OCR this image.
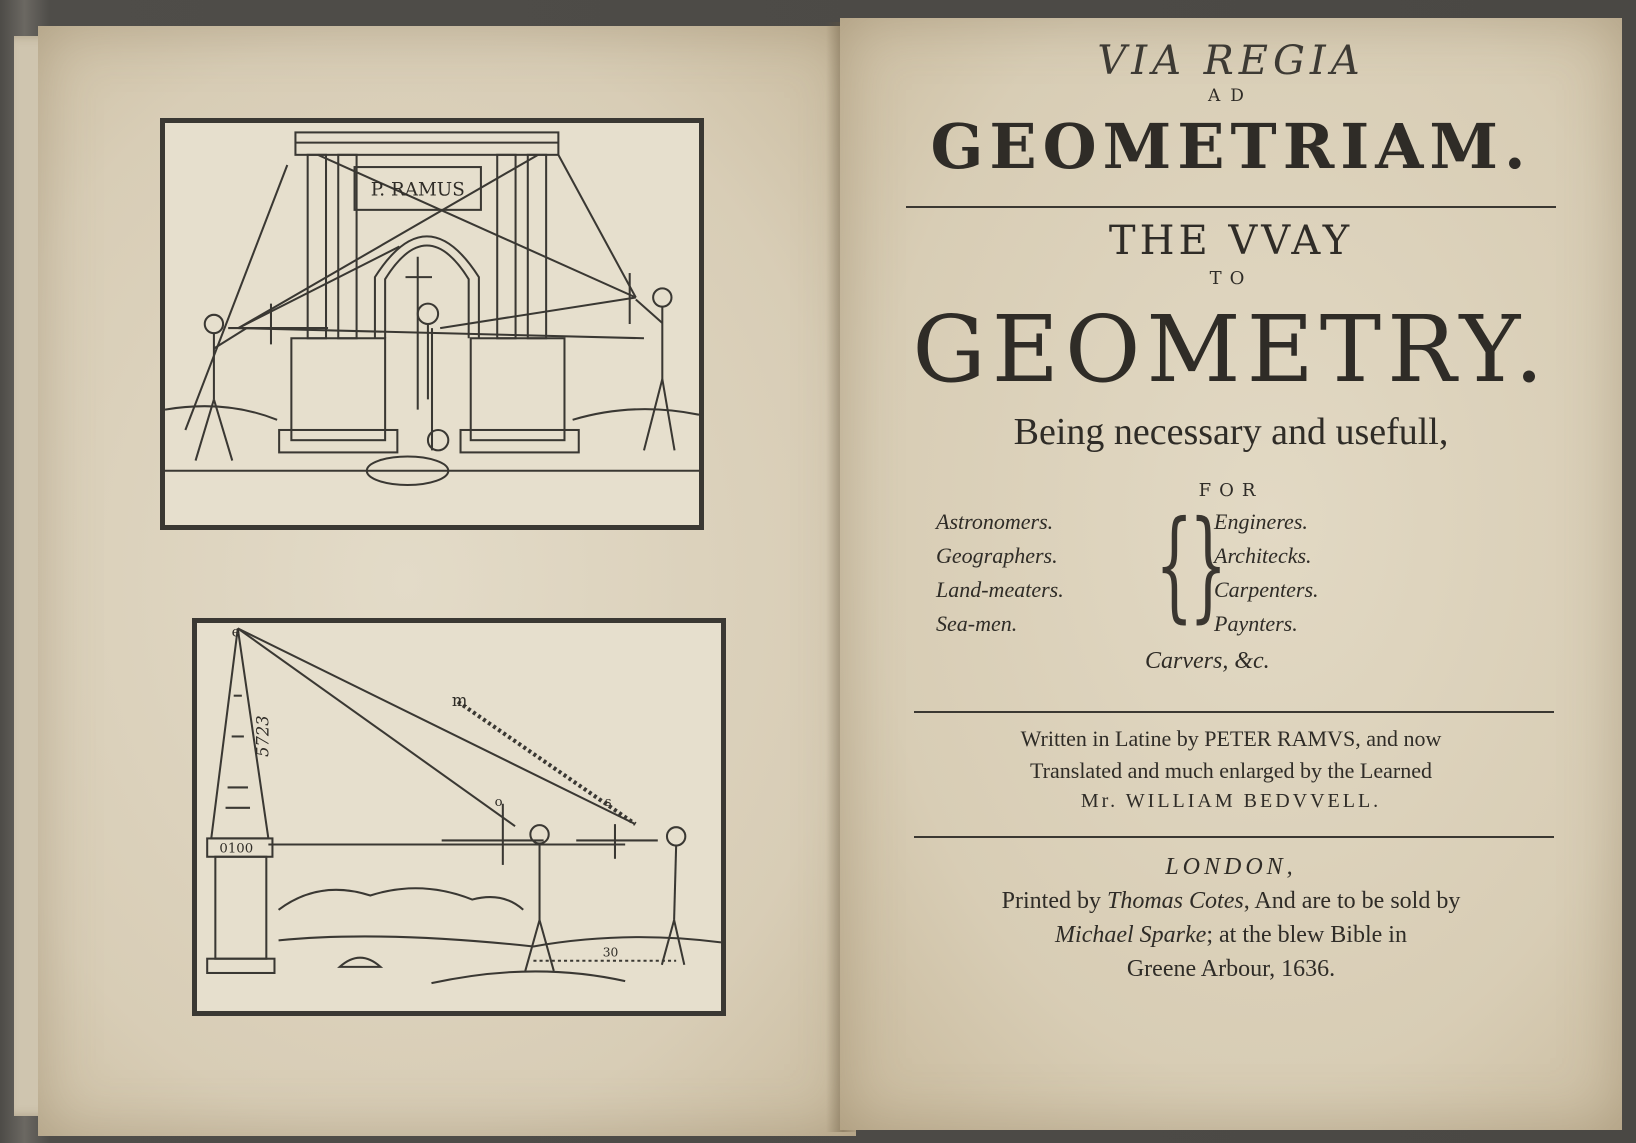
P. RAMUS
e
m
o	s
5723
0100
30
VIA REGIA
AD
GEOMETRIAM.
THE VVAY
TO
GEOMETRY.
Being necessary and usefull,
FOR
Astronomers.
Geographers.
Land-meaters.
Sea-men.	{
{
Engineres.
Architecks.
Carpenters.
Paynters.
Carvers, &c.
Written in Latine by PETER RAMVS, and now
Translated and much enlarged by the Learned
Mr. WILLIAM BEDVVELL.
LONDON,
Printed by Thomas Cotes, And are to be sold by
Michael Sparke; at the blew Bible in
Greene Arbour, 1636.
